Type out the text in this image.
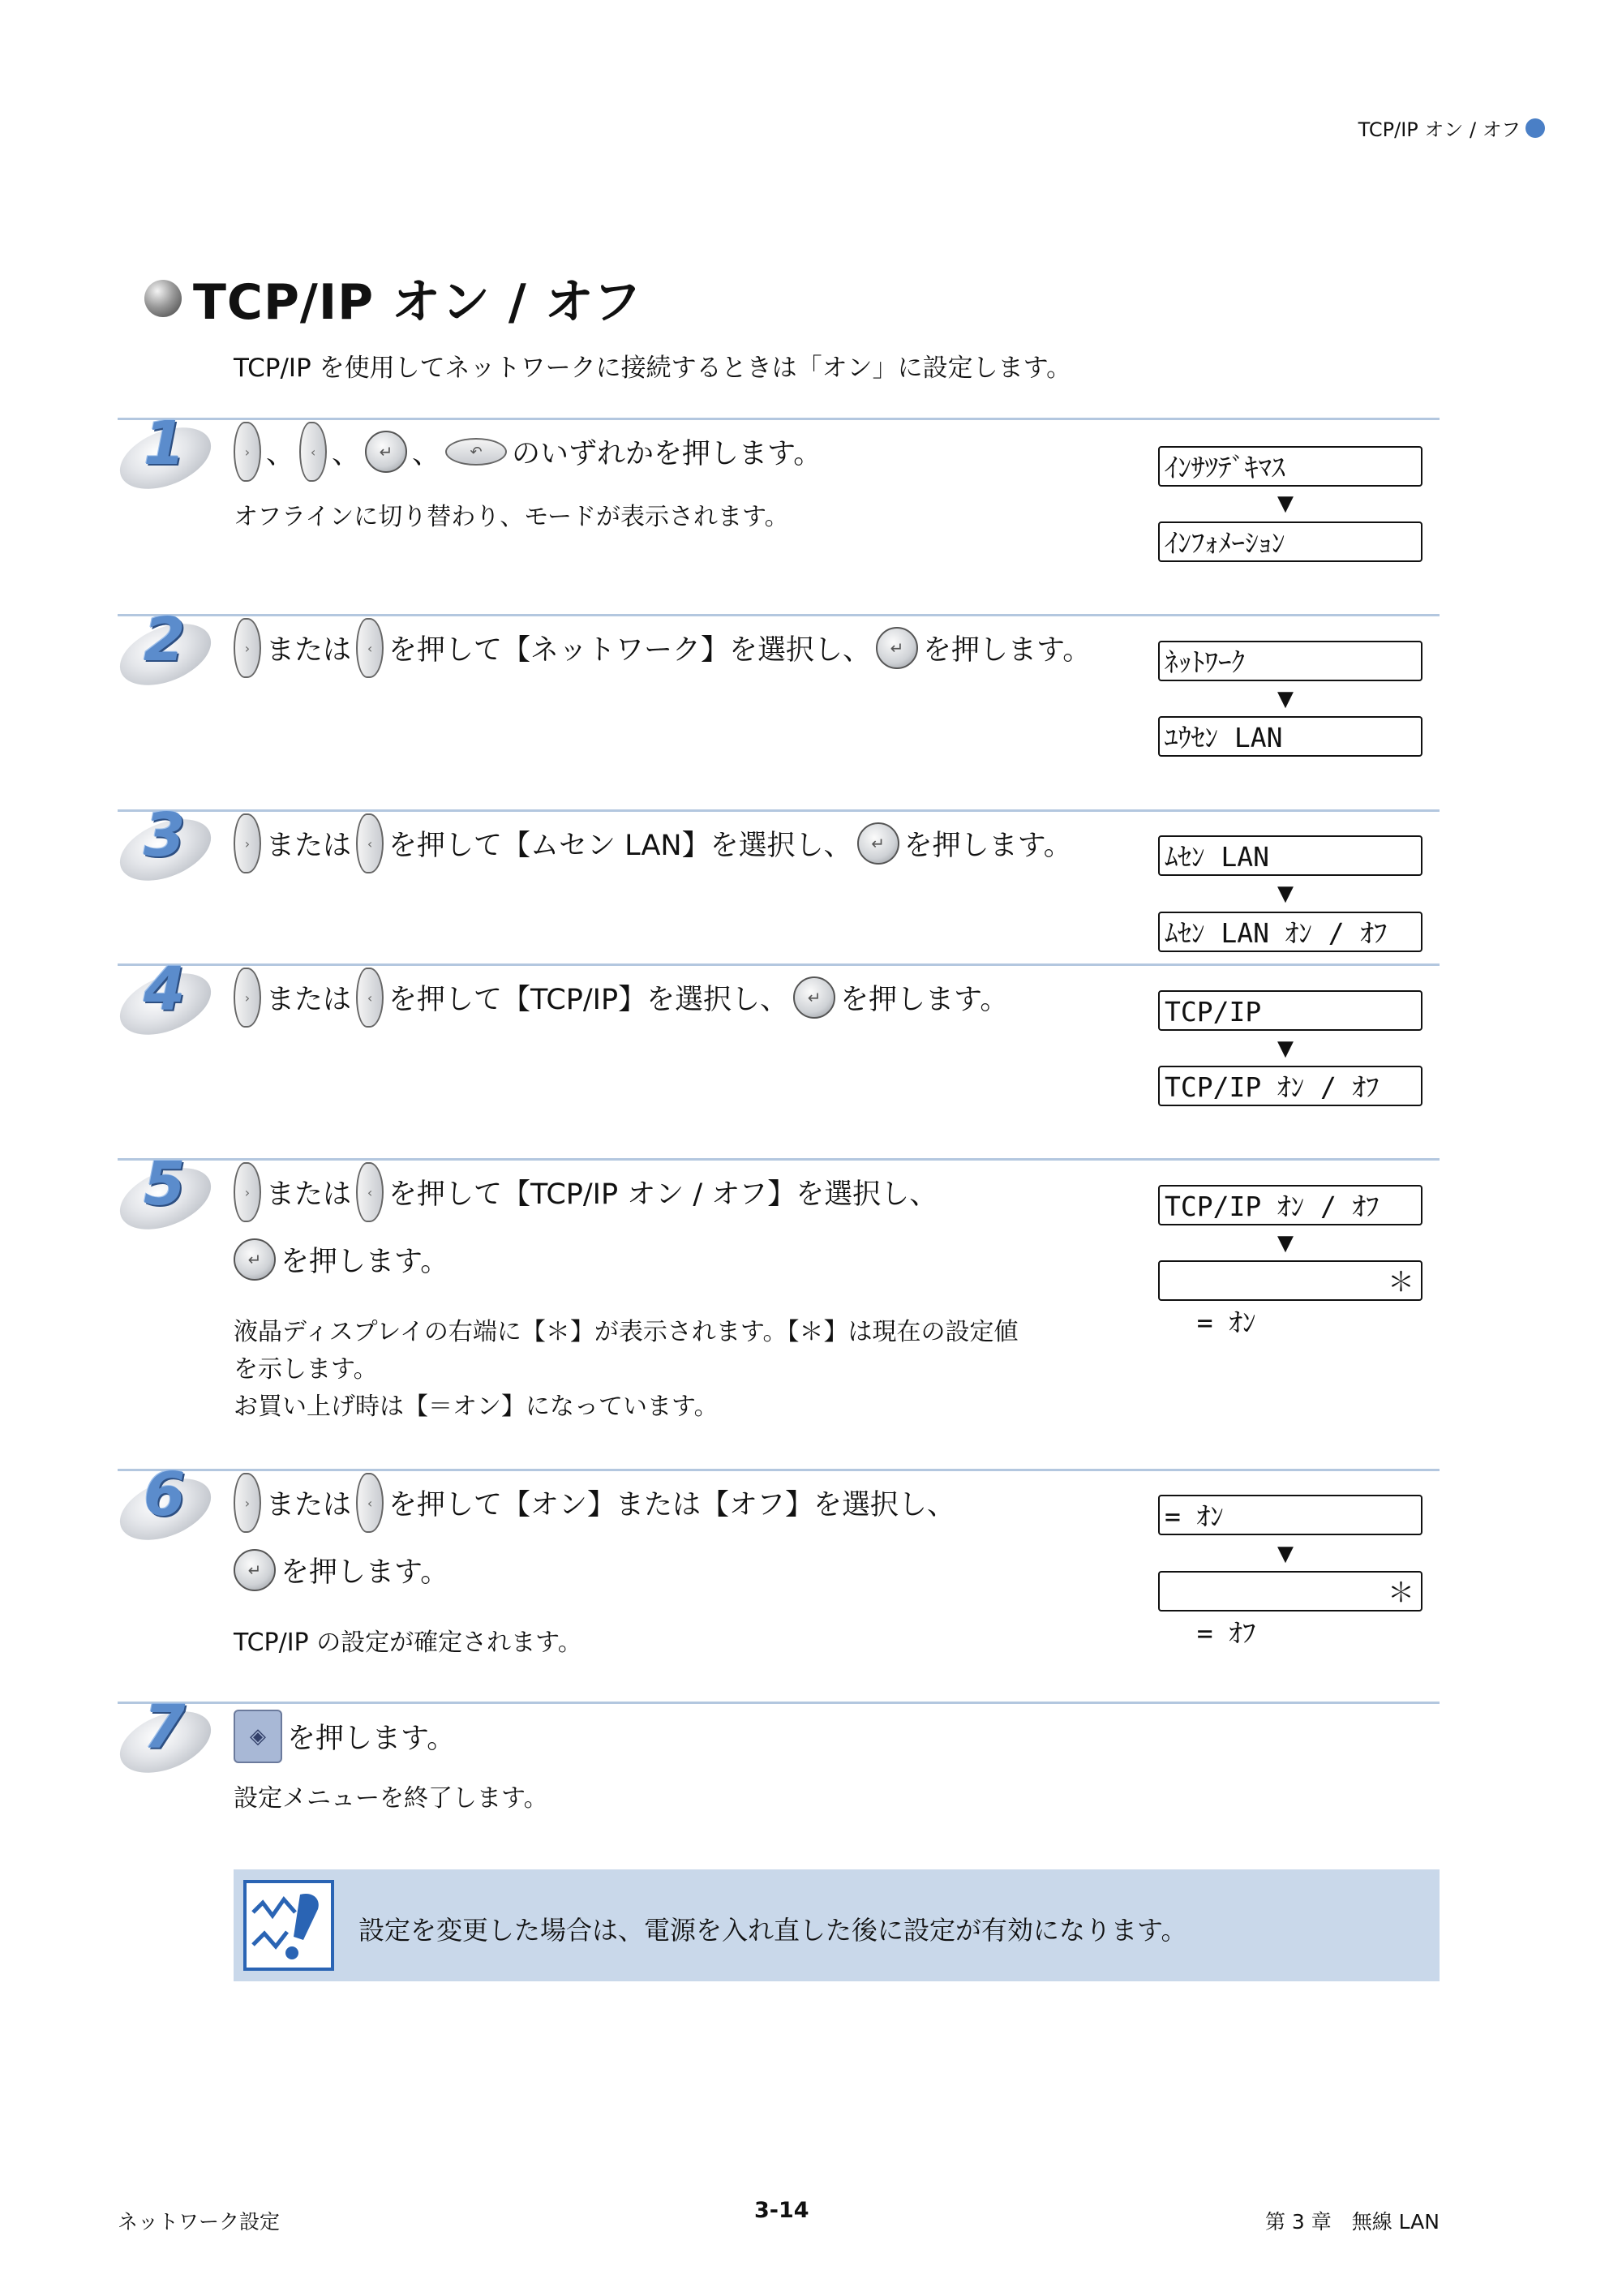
TCP/IP オン / オフ
TCP/IP オン / オフ
TCP/IP を使用してネットワークに接続するときは「オン」に設定します。
1	› 、	‹ 、	↵ 、	↶	のいずれかを押します。
オフラインに切り替わり、モードが表示されます。
ｲﾝｻﾂﾃﾞｷﾏｽ
▼
ｲﾝﾌｫﾒｰｼｮﾝ
2	› または	‹ を押して【ネットワーク】を選択し、	↵ を押します。	ﾈｯﾄﾜｰｸ
▼
ﾕｳｾﾝ LAN
3	› または	‹ を押して【ムセン LAN】を選択し、	↵ を押します。	ﾑｾﾝ LAN
▼
ﾑｾﾝ LAN ｵﾝ / ｵﾌ
4	› または	‹ を押して【TCP/IP】を選択し、	↵ を押します。	TCP/IP
▼
TCP/IP ｵﾝ / ｵﾌ
5	› または	‹ を押して【TCP/IP オン / オフ】を選択し、
↵ を押します。
液晶ディスプレイの右端に【＊】が表示されます。【＊】は現在の設定値
を示します。
お買い上げ時は【＝オン】になっています。
TCP/IP ｵﾝ / ｵﾌ
▼

= ｵﾝ
＊

6	› または	‹ を押して【オン】または【オフ】を選択し、
↵ を押します。
TCP/IP の設定が確定されます。
= ｵﾝ
▼

= ｵﾌ
＊

7	◈ を押します。
設定メニューを終了します。
設定を変更した場合は、電源を入れ直した後に設定が有効になります。
ネットワーク設定	3-14	第 3 章　無線 LAN
